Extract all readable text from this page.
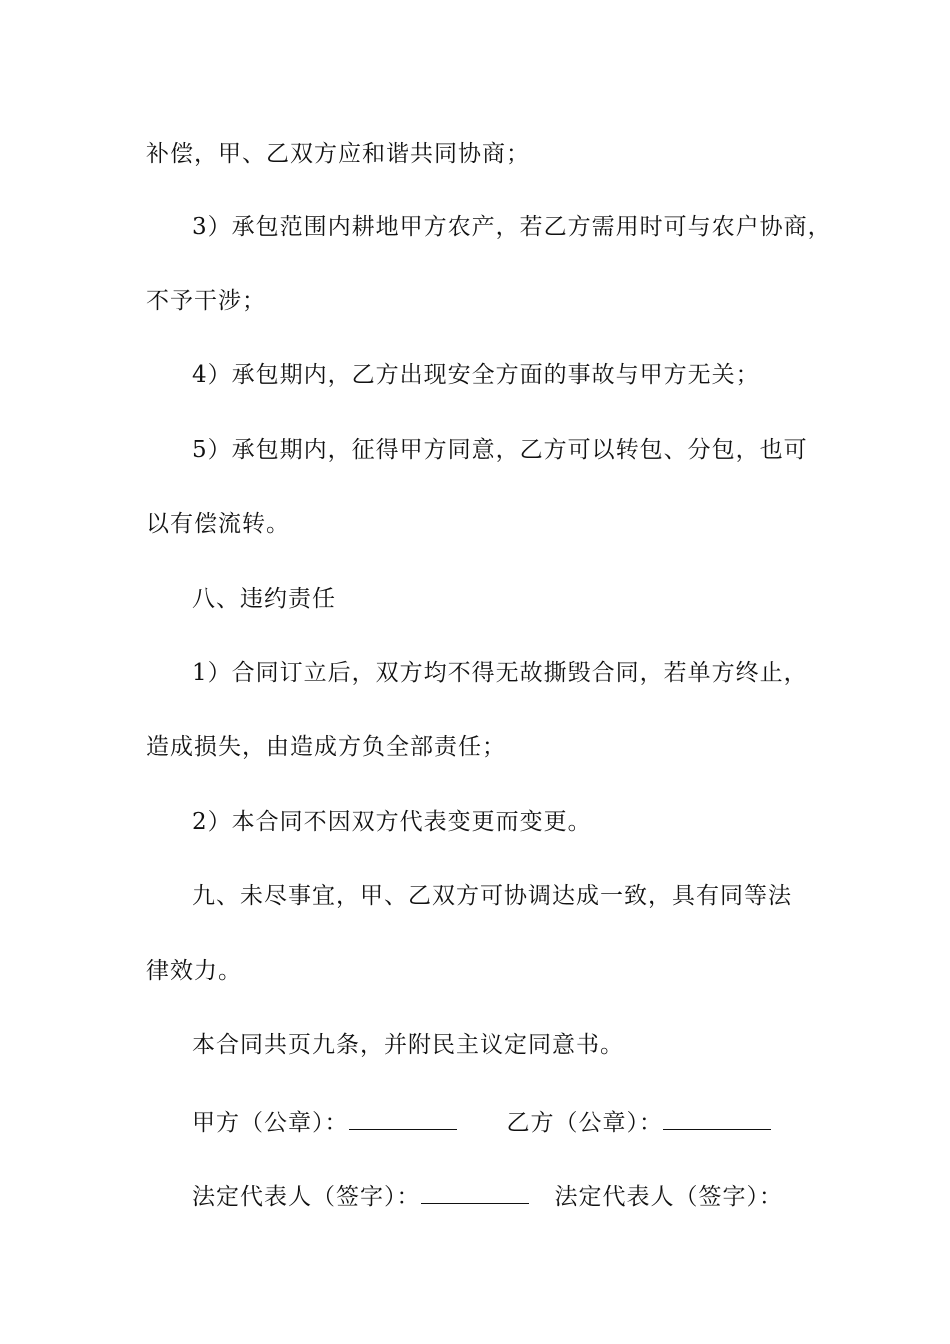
补偿，甲、乙双方应和谐共同协商；
3）承包范围内耕地甲方农产，若乙方需用时可与农户协商，
不予干涉；
4）承包期内，乙方出现安全方面的事故与甲方无关；
5）承包期内，征得甲方同意，乙方可以转包、分包，也可
以有偿流转。
八、违约责任
1）合同订立后，双方均不得无故撕毁合同，若单方终止，
造成损失，由造成方负全部责任；
2）本合同不因双方代表变更而变更。
九、未尽事宜，甲、乙双方可协调达成一致，具有同等法
律效力。
本合同共页九条，并附民主议定同意书。
甲方（公章）：	乙方（公章）：
法定代表人（签字）：	法定代表人（签字）：
